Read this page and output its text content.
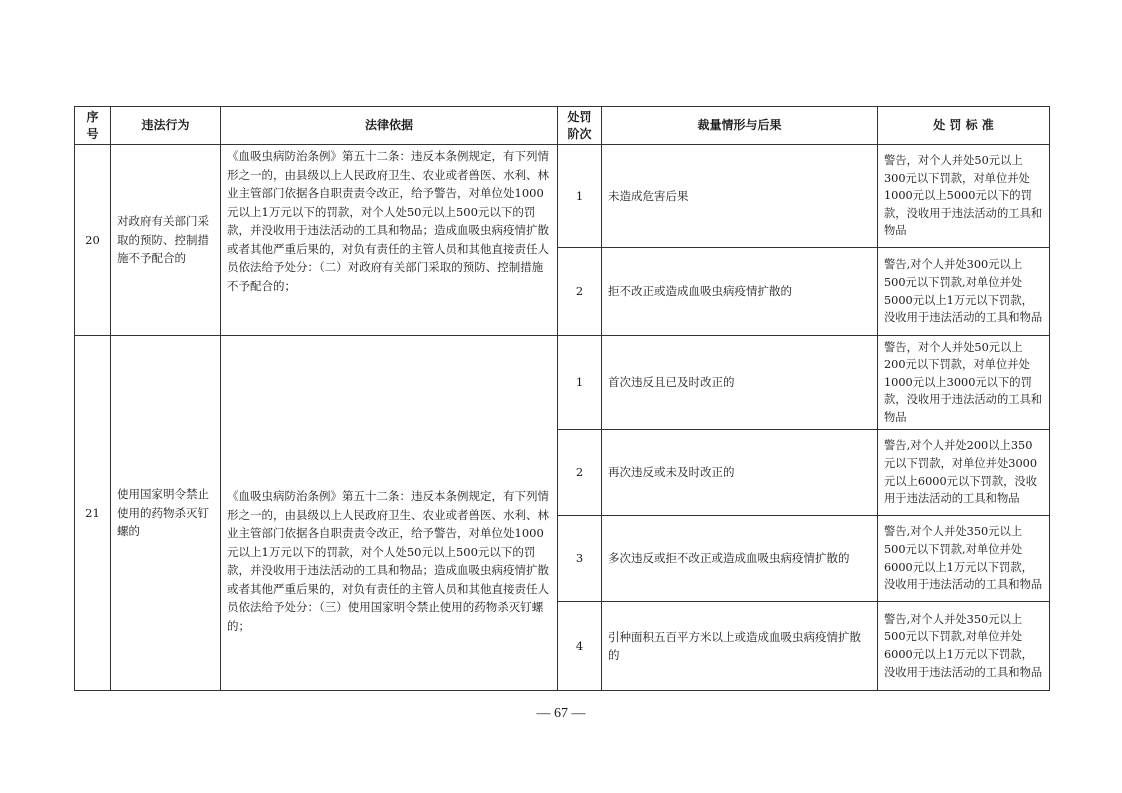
序号	违法行为	法律依据	处罚阶次	裁量情形与后果	处 罚 标 准
20	对政府有关部门采取的预防、控制措施不予配合的	《血吸虫病防治条例》第五十二条：违反本条例规定，有下列情形之一的，由县级以上人民政府卫生、农业或者兽医、水利、林业主管部门依据各自职责责令改正，给予警告，对单位处1000元以上1万元以下的罚款，对个人处50元以上500元以下的罚款，并没收用于违法活动的工具和物品；造成血吸虫病疫情扩散或者其他严重后果的，对负有责任的主管人员和其他直接责任人员依法给予处分：（二）对政府有关部门采取的预防、控制措施不予配合的；	1	未造成危害后果	警告，对个人并处50元以上300元以下罚款，对单位并处1000元以上5000元以下的罚款，没收用于违法活动的工具和物品
			2	拒不改正或造成血吸虫病疫情扩散的	警告,对个人并处300元以上500元以下罚款,对单位并处5000元以上1万元以下罚款，没收用于违法活动的工具和物品
21	使用国家明令禁止使用的药物杀灭钉螺的	《血吸虫病防治条例》第五十二条：违反本条例规定，有下列情形之一的，由县级以上人民政府卫生、农业或者兽医、水利、林业主管部门依据各自职责责令改正，给予警告，对单位处1000元以上1万元以下的罚款，对个人处50元以上500元以下的罚款，并没收用于违法活动的工具和物品；造成血吸虫病疫情扩散或者其他严重后果的，对负有责任的主管人员和其他直接责任人员依法给予处分：（三）使用国家明令禁止使用的药物杀灭钉螺的；	1	首次违反且已及时改正的	警告，对个人并处50元以上200元以下罚款，对单位并处1000元以上3000元以下的罚款，没收用于违法活动的工具和物品
			2	再次违反或未及时改正的	警告,对个人并处200以上350元以下罚款，对单位并处3000元以上6000元以下罚款，没收用于违法活动的工具和物品
			3	多次违反或拒不改正或造成血吸虫病疫情扩散的	警告,对个人并处350元以上500元以下罚款,对单位并处6000元以上1万元以下罚款，没收用于违法活动的工具和物品
			4	引种面积五百平方米以上或造成血吸虫病疫情扩散的	警告,对个人并处350元以上500元以下罚款,对单位并处6000元以上1万元以下罚款，没收用于违法活动的工具和物品
— 67 —
